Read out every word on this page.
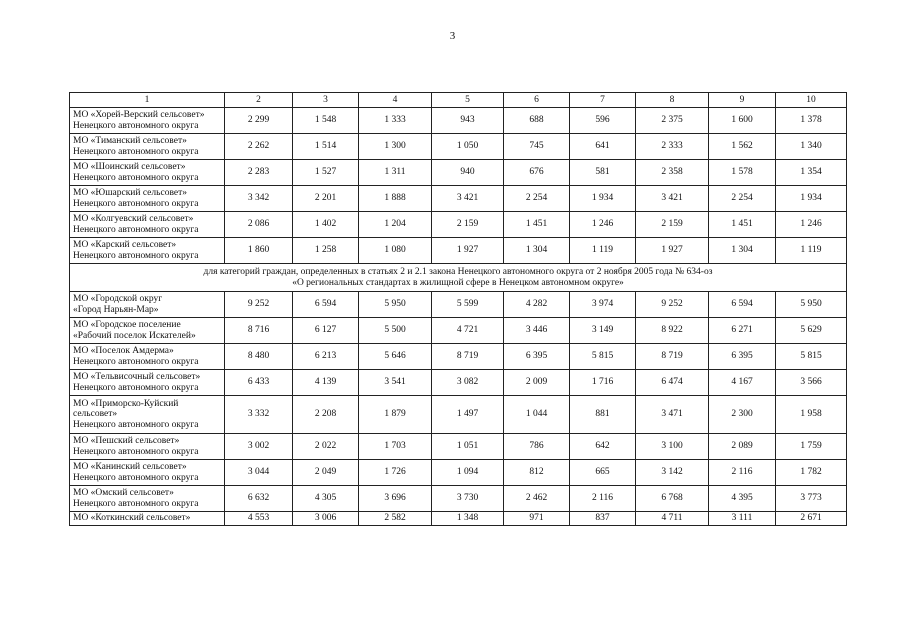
3
1	2	3	4	5	6	7	8	9	10

МО «Хорей-Верский сельсовет»
Ненецкого автономного округа	2 299	1 548	1 333	943	688	596	2 375	1 600	1 378

МО «Тиманский сельсовет»
Ненецкого автономного округа	2 262	1 514	1 300	1 050	745	641	2 333	1 562	1 340

МО «Шоинский сельсовет»
Ненецкого автономного округа	2 283	1 527	1 311	940	676	581	2 358	1 578	1 354

МО «Юшарский сельсовет»
Ненецкого автономного округа	3 342	2 201	1 888	3 421	2 254	1 934	3 421	2 254	1 934

МО «Колгуевский сельсовет»
Ненецкого автономного округа	2 086	1 402	1 204	2 159	1 451	1 246	2 159	1 451	1 246

МО «Карский сельсовет»
Ненецкого автономного округа	1 860	1 258	1 080	1 927	1 304	1 119	1 927	1 304	1 119

для категорий граждан, определенных в статьях 2 и 2.1 закона Ненецкого автономного округа от 2 ноября 2005 года № 634-оз
«О региональных стандартах в жилищной сфере в Ненецком автономном округе»									

МО «Городской округ
«Город Нарьян-Мар»	9 252	6 594	5 950	5 599	4 282	3 974	9 252	6 594	5 950

МО «Городское поселение
«Рабочий поселок Искателей»	8 716	6 127	5 500	4 721	3 446	3 149	8 922	6 271	5 629

МО «Поселок Амдерма»
Ненецкого автономного округа	8 480	6 213	5 646	8 719	6 395	5 815	8 719	6 395	5 815

МО «Тельвисочный сельсовет»
Ненецкого автономного округа	6 433	4 139	3 541	3 082	2 009	1 716	6 474	4 167	3 566

МО «Приморско-Куйский
сельсовет»
Ненецкого автономного округа	3 332	2 208	1 879	1 497	1 044	881	3 471	2 300	1 958

МО «Пешский сельсовет»
Ненецкого автономного округа	3 002	2 022	1 703	1 051	786	642	3 100	2 089	1 759

МО «Канинский сельсовет»
Ненецкого автономного округа	3 044	2 049	1 726	1 094	812	665	3 142	2 116	1 782

МО «Омский сельсовет»
Ненецкого автономного округа	6 632	4 305	3 696	3 730	2 462	2 116	6 768	4 395	3 773

МО «Коткинский сельсовет»	4 553	3 006	2 582	1 348	971	837	4 711	3 111	2 671
